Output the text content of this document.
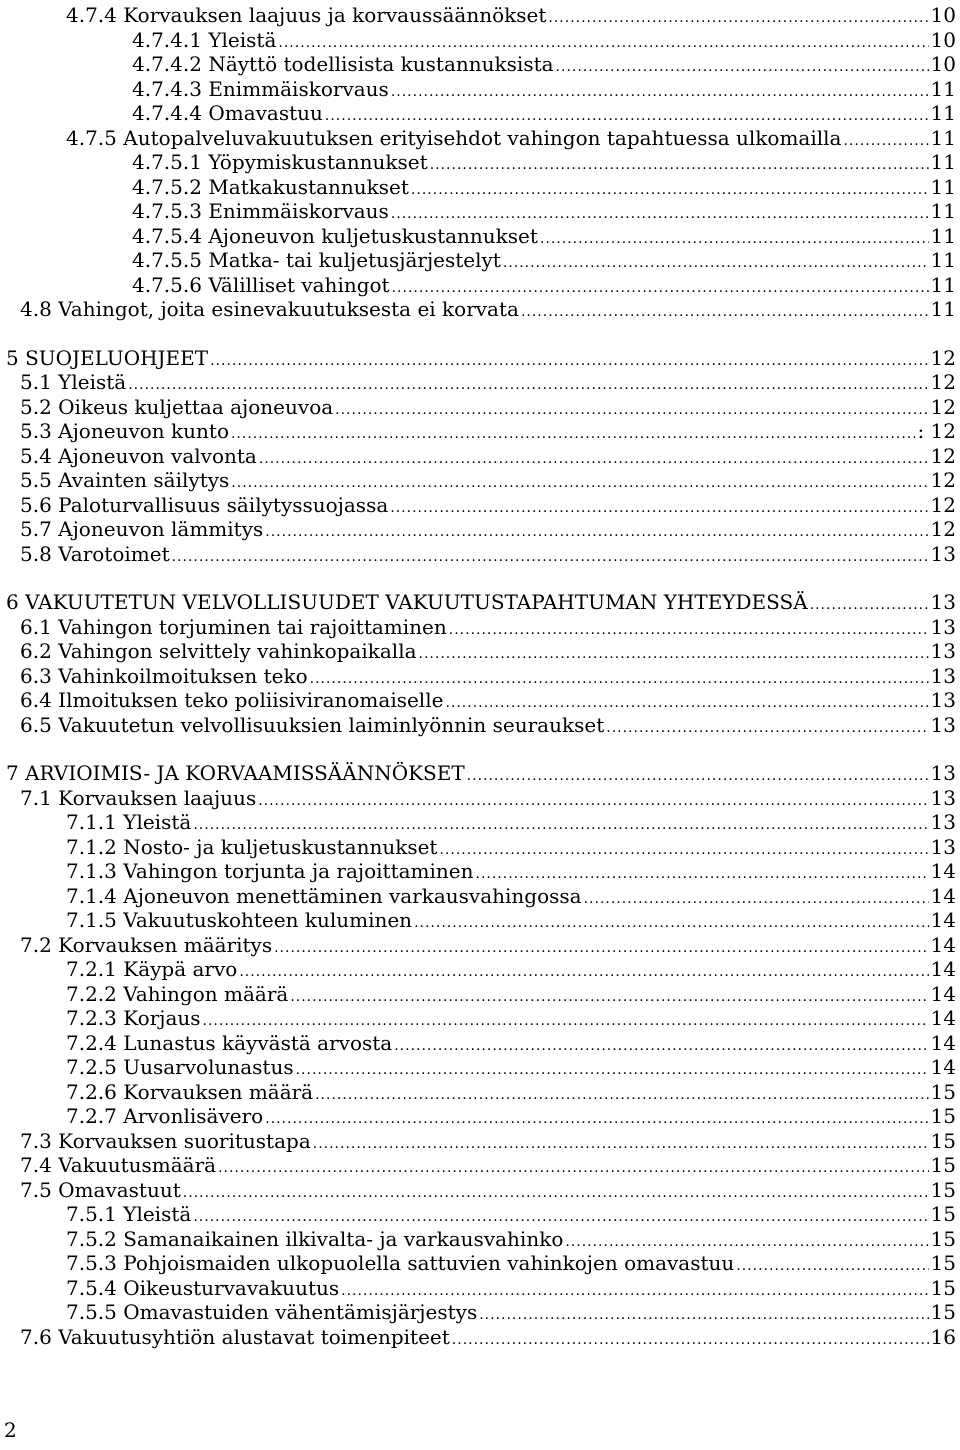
4.7.4 Korvauksen laajuus ja korvaussäännökset .....	10
4.7.4.1 Yleistä .....	10
4.7.4.2 Näyttö todellisista kustannuksista .....	10
4.7.4.3 Enimmäiskorvaus .....	11
4.7.4.4 Omavastuu .....	11
4.7.5 Autopalveluvakuutuksen erityisehdot vahingon tapahtuessa ulkomailla .....	11
4.7.5.1 Yöpymiskustannukset .....	11
4.7.5.2 Matkakustannukset .....	11
4.7.5.3 Enimmäiskorvaus .....	11
4.7.5.4 Ajoneuvon kuljetuskustannukset .....	11
4.7.5.5 Matka- tai kuljetusjärjestelyt .....	11
4.7.5.6 Välilliset vahingot .....	11
4.8 Vahingot, joita esinevakuutuksesta ei korvata .....	11
5 SUOJELUOHJEET .....	12
5.1 Yleistä .....	12
5.2 Oikeus kuljettaa ajoneuvoa .....	12
5.3 Ajoneuvon kunto .....	: 12
5.4 Ajoneuvon valvonta .....	12
5.5 Avainten säilytys .....	12
5.6 Paloturvallisuus säilytyssuojassa .....	12
5.7 Ajoneuvon lämmitys .....	12
5.8 Varotoimet .....	13
6 VAKUUTETUN VELVOLLISUUDET VAKUUTUSTAPAHTUMAN YHTEYDESSÄ .....	13
6.1 Vahingon torjuminen tai rajoittaminen .....	13
6.2 Vahingon selvittely vahinkopaikalla .....	13
6.3 Vahinkoilmoituksen teko .....	13
6.4 Ilmoituksen teko poliisiviranomaiselle .....	13
6.5 Vakuutetun velvollisuuksien laiminlyönnin seuraukset .....	13
7 ARVIOIMIS- JA KORVAAMISSÄÄNNÖKSET .....	13
7.1 Korvauksen laajuus .....	13
7.1.1 Yleistä .....	13
7.1.2 Nosto- ja kuljetuskustannukset .....	13
7.1.3 Vahingon torjunta ja rajoittaminen .....	14
7.1.4 Ajoneuvon menettäminen varkausvahingossa .....	14
7.1.5 Vakuutuskohteen kuluminen .....	14
7.2 Korvauksen määritys .....	14
7.2.1 Käypä arvo .....	14
7.2.2 Vahingon määrä .....	14
7.2.3 Korjaus .....	14
7.2.4 Lunastus käyvästä arvosta .....	14
7.2.5 Uusarvolunastus .....	14
7.2.6 Korvauksen määrä .....	15
7.2.7 Arvonlisävero .....	15
7.3 Korvauksen suoritustapa .....	15
7.4 Vakuutusmäärä .....	15
7.5 Omavastuut .....	15
7.5.1 Yleistä .....	15
7.5.2 Samanaikainen ilkivalta- ja varkausvahinko .....	15
7.5.3 Pohjoismaiden ulkopuolella sattuvien vahinkojen omavastuu .....	15
7.5.4 Oikeusturvavakuutus .....	15
7.5.5 Omavastuiden vähentämisjärjestys .....	15
7.6 Vakuutusyhtiön alustavat toimenpiteet .....	16
2
